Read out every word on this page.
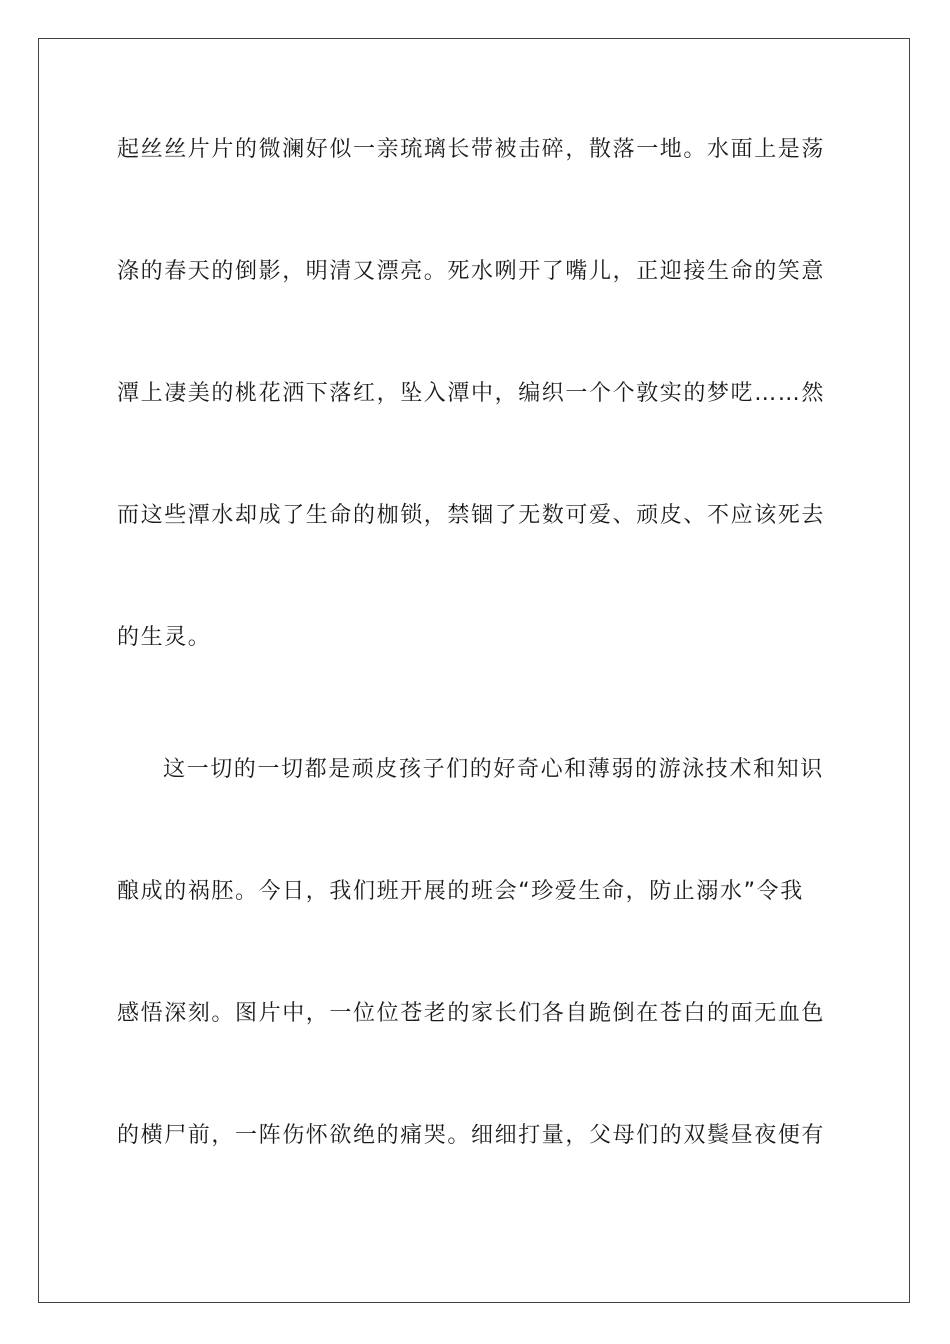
起丝丝片片的微澜好似一亲琉璃长带被击碎，散落一地。水面上是荡

涤的春天的倒影，明清又漂亮。死水咧开了嘴儿，正迎接生命的笑意

潭上凄美的桃花洒下落红，坠入潭中，编织一个个敦实的梦呓……然

而这些潭水却成了生命的枷锁，禁锢了无数可爱、顽皮、不应该死去

的生灵。

这一切的一切都是顽皮孩子们的好奇心和薄弱的游泳技术和知识

酿成的祸胚。今日，我们班开展的班会“珍爱生命，防止溺水”令我

感悟深刻。图片中，一位位苍老的家长们各自跪倒在苍白的面无血色

的横尸前，一阵伤怀欲绝的痛哭。细细打量，父母们的双鬓昼夜便有
